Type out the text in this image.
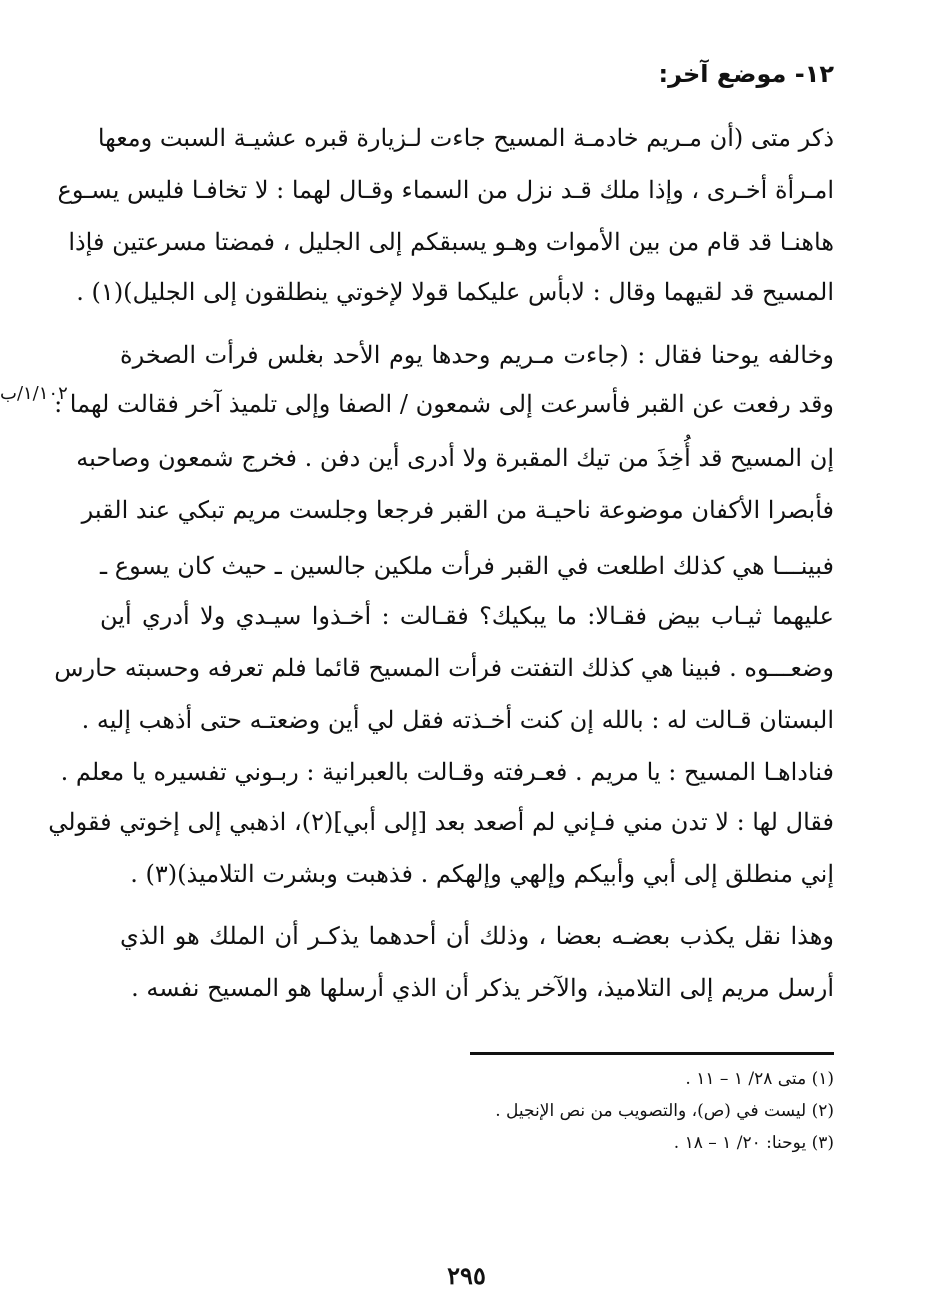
١٢- موضع آخر:
١/١٠٢/ب
ذكر متى (أن مـريم خادمـة المسيح جاءت لـزيارة قبره عشيـة السبت ومعها
امـرأة أخـرى ، وإذا ملك قـد نزل من السماء وقـال لهما : لا تخافـا فليس يسـوع
هاهنـا قد قام من بين الأموات وهـو يسبقكم إلى الجليل ، فمضتا مسرعتين فإذا
المسيح قد لقيهما وقال : لابأس عليكما قولا لإخوتي ينطلقون إلى الجليل)(١) .
وخالفه يوحنا فقال : (جاءت مـريم وحدها يوم الأحد بغلس فرأت الصخرة
وقد رفعت عن القبر فأسرعت إلى شمعون / الصفا وإلى تلميذ آخر فقالت لهما :
إن المسيح قد أُخِذَ من تيك المقبرة ولا أدرى أين دفن . فخرج شمعون وصاحبه
فأبصرا الأكفان موضوعة ناحيـة من القبر فرجعا وجلست مريم تبكي عند القبر
فبينـــا هي كذلك اطلعت في القبر فرأت ملكين جالسين ـ حيث كان يسوع ـ
عليهما ثيـاب بيض فقـالا: ما يبكيك؟ فقـالت : أخـذوا سيـدي ولا أدري أين
وضعـــوه . فبينا هي كذلك التفتت فرأت المسيح قائما فلم تعرفه وحسبته حارس
البستان قـالت له : بالله إن كنت أخـذته فقل لي أين وضعتـه حتى أذهب إليه .
فناداهـا المسيح : يا مريم . فعـرفته وقـالت بالعبرانية : ربـوني تفسيره يا معلم .
فقال لها : لا تدن مني فـإني لم أصعد بعد [إلى أبي](٢)، اذهبي إلى إخوتي فقولي
إني منطلق إلى أبي وأبيكم وإلهي وإلهكم . فذهبت وبشرت التلاميذ)(٣) .
وهذا نقل يكذب بعضـه بعضا ، وذلك أن أحدهما يذكـر أن الملك هو الذي
أرسل مريم إلى التلاميذ، والآخر يذكر أن الذي أرسلها هو المسيح نفسه .
(١) متى ٢٨/ ١ – ١١ .
(٢) ليست في (ص)، والتصويب من نص الإنجيل .
(٣) يوحنا: ٢٠/ ١ – ١٨ .
٢٩٥
